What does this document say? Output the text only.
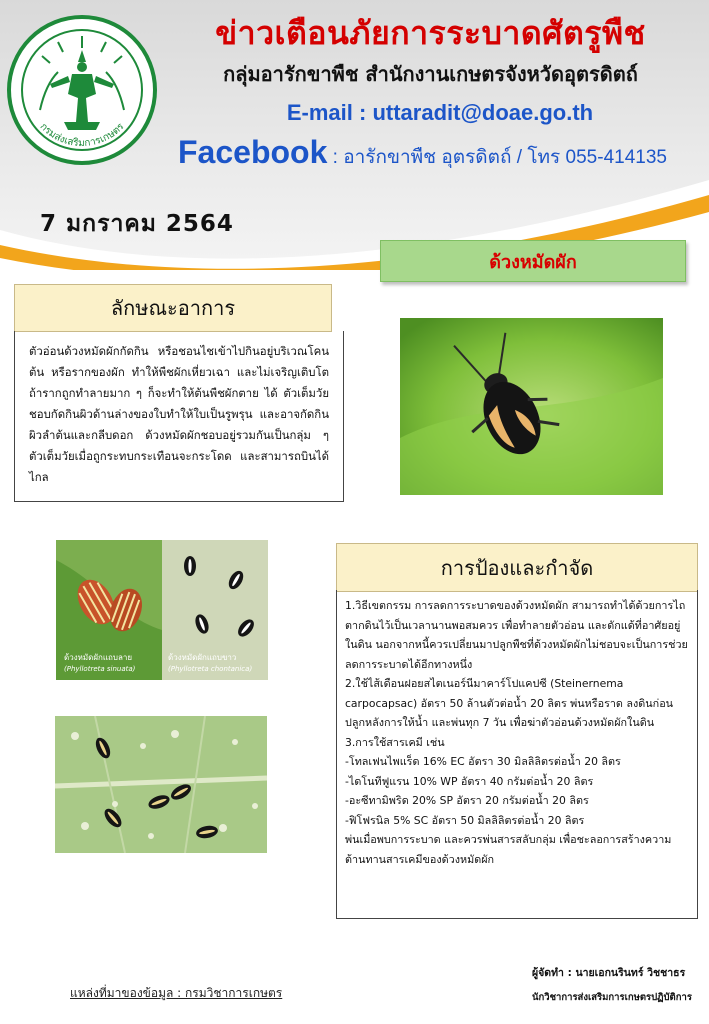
กรมส่งเสริมการเกษตร
ข่าวเตือนภัยการระบาดศัตรูพืช
กลุ่มอารักขาพืช สำนักงานเกษตรจังหวัดอุตรดิตถ์
E-mail : uttaradit@doae.go.th
Facebook : อารักขาพืช อุตรดิตถ์ / โทร 055-414135
7 มกราคม 2564
ด้วงหมัดผัก
ลักษณะอาการ
ตัวอ่อนด้วงหมัดผักกัดกิน หรือชอนไชเข้าไปกินอยู่บริเวณโคนต้น หรือรากของผัก ทำให้พืชผักเหี่ยวเฉา และไม่เจริญเติบโต ถ้ารากถูกทำลายมาก ๆ ก็จะทำให้ต้นพืชผักตาย ได้ ตัวเต็มวัยชอบกัดกินผิวด้านล่างของใบทำให้ใบเป็นรูพรุน และอาจกัดกินผิวลำต้นและกลีบดอก ด้วงหมัดผักชอบอยู่รวมกันเป็นกลุ่ม ๆ ตัวเต็มวัยเมื่อถูกระทบกระเทือนจะกระโดด และสามารถบินได้ไกล
ด้วงหมัดผักแถบลาย
(Phyllotreta sinuata)
ด้วงหมัดผักแถบขาว
(Phyllotreta chontanica)
การป้องและกำจัด

1.วิธีเขตกรรม การลดการระบาดของด้วงหมัดผัก สามารถทำได้ด้วยการไถตากดินไว้เป็นเวลานานพอสมควร เพื่อทำลายตัวอ่อน และดักแด้ที่อาศัยอยู่ในดิน นอกจากหนี้ควรเปลี่ยนมาปลูกพืชที่ด้วงหมัดผักไม่ชอบจะเป็นการช่วยลดการระบาดได้อีกทางหนึ่ง

2.ใช้ไส้เดือนฝอยสไตเนอร์นีมาคาร์โปแคปซี (Steinernema carpocapsac) อัตรา 50 ล้านตัวต่อน้ำ 20 ลิตร พ่นหรือราด ลงดินก่อนปลูกหลังการให้น้ำ และพ่นทุก 7 วัน เพื่อฆ่าตัวอ่อนด้วงหมัดผักในดิน

3.การใช้สารเคมี เช่น

-โทลเฟนไพแร็ด 16% EC อัตรา 30 มิลลิลิตรต่อน้ำ 20 ลิตร

-ไดโนทีฟูแรน 10% WP อัตรา 40 กรัมต่อน้ำ 20 ลิตร

-อะซีทามิพริด 20% SP อัตรา 20 กรัมต่อน้ำ 20 ลิตร

-ฟิโฟรนิล 5% SC อัตรา 50 มิลลิลิตรต่อน้ำ 20 ลิตร

พ่นเมื่อพบการระบาด และควรพ่นสารสลับกลุ่ม เพื่อชะลอการสร้างความต้านทานสารเคมีของด้วงหมัดผัก

แหล่งที่มาของข้อมูล : กรมวิชาการเกษตร
ผู้จัดทำ : นายเอกนรินทร์ วิชชาธร
นักวิชาการส่งเสริมการเกษตรปฏิบัติการ
